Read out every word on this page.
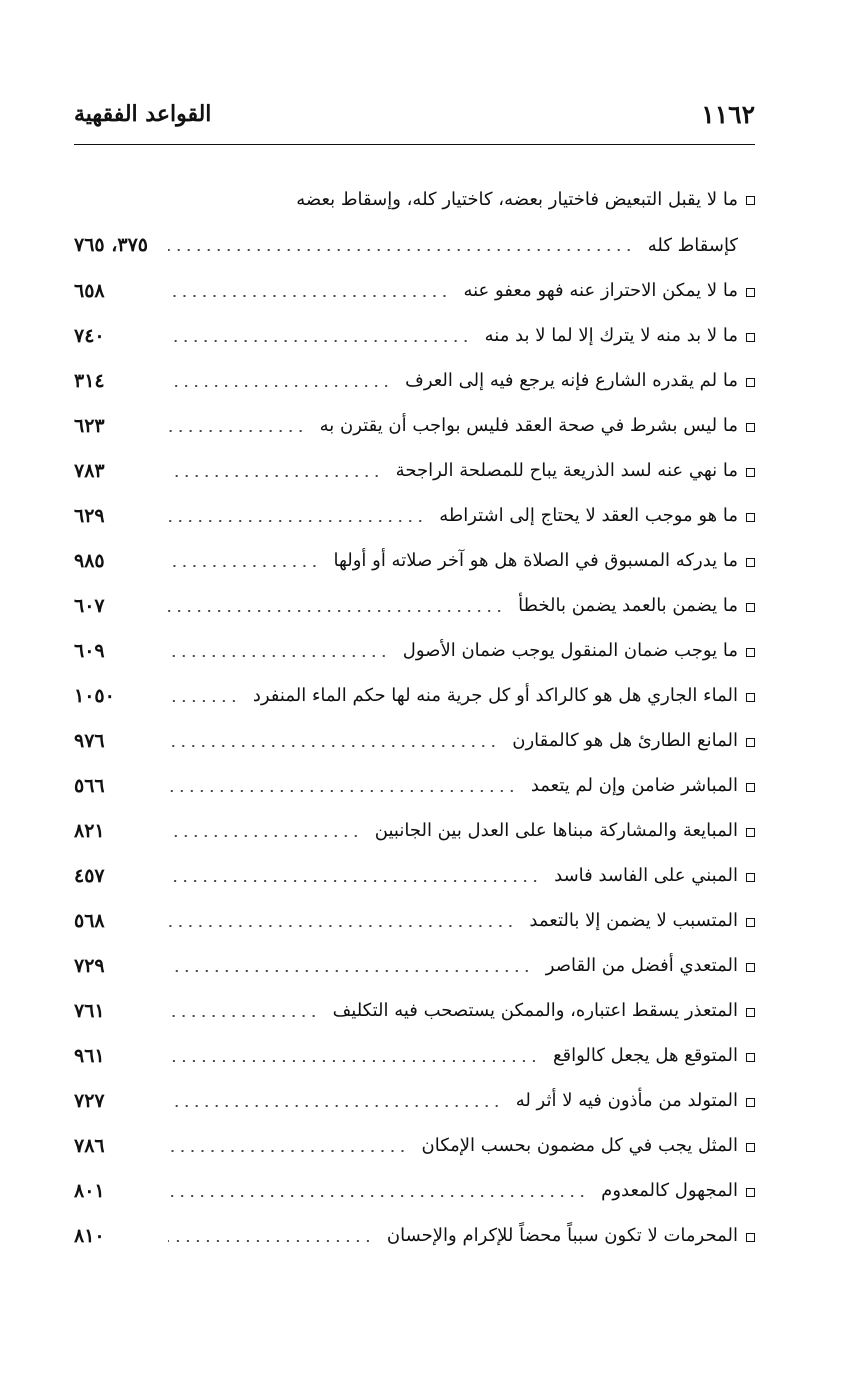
القواعد الفقهية	١١٦٢
ما لا يقبل التبعيض فاختيار بعضه، كاختيار كله، وإسقاط بعضه
كإسقاط كله
٣٧٥، ٧٦٥
ما لا يمكن الاحتراز عنه فهو معفو عنه
٦٥٨
ما لا بد منه لا يترك إلا لما لا بد منه
٧٤٠
ما لم يقدره الشارع فإنه يرجع فيه إلى العرف
٣١٤
ما ليس بشرط في صحة العقد فليس بواجب أن يقترن به
٦٢٣
ما نهي عنه لسد الذريعة يباح للمصلحة الراجحة
٧٨٣
ما هو موجب العقد لا يحتاج إلى اشتراطه
٦٢٩
ما يدركه المسبوق في الصلاة هل هو آخر صلاته أو أولها
٩٨٥
ما يضمن بالعمد يضمن بالخطأ
٦٠٧
ما يوجب ضمان المنقول يوجب ضمان الأصول
٦٠٩
الماء الجاري هل هو كالراكد أو كل جرية منه لها حكم الماء المنفرد
١٠٥٠
المانع الطارئ هل هو كالمقارن
٩٧٦
المباشر ضامن وإن لم يتعمد
٥٦٦
المبايعة والمشاركة مبناها على العدل بين الجانبين
٨٢١
المبني على الفاسد فاسد
٤٥٧
المتسبب لا يضمن إلا بالتعمد
٥٦٨
المتعدي أفضل من القاصر
٧٢٩
المتعذر يسقط اعتباره، والممكن يستصحب فيه التكليف
٧٦١
المتوقع هل يجعل كالواقع
٩٦١
المتولد من مأذون فيه لا أثر له
٧٢٧
المثل يجب في كل مضمون بحسب الإمكان
٧٨٦
المجهول كالمعدوم
٨٠١
المحرمات لا تكون سبباً محضاً للإكرام والإحسان
٨١٠
